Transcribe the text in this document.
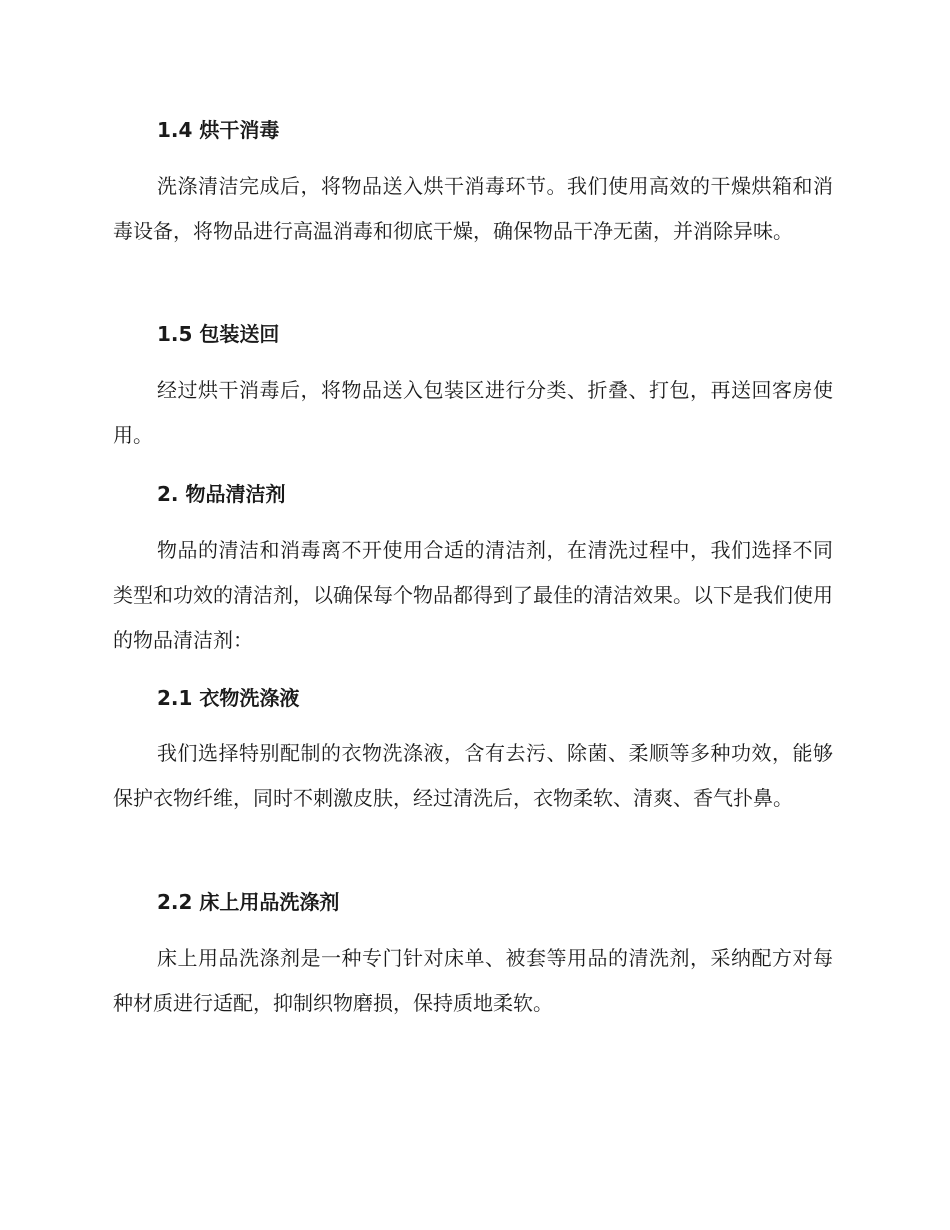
1.4 烘干消毒

洗涤清洁完成后，将物品送入烘干消毒环节。我们使用高效的干燥烘箱和消毒设备，将物品进行高温消毒和彻底干燥，确保物品干净无菌，并消除异味。

1.5 包装送回

经过烘干消毒后，将物品送入包装区进行分类、折叠、打包，再送回客房使用。

2. 物品清洁剂

物品的清洁和消毒离不开使用合适的清洁剂，在清洗过程中，我们选择不同类型和功效的清洁剂，以确保每个物品都得到了最佳的清洁效果。以下是我们使用的物品清洁剂：

2.1 衣物洗涤液

我们选择特别配制的衣物洗涤液，含有去污、除菌、柔顺等多种功效，能够保护衣物纤维，同时不刺激皮肤，经过清洗后，衣物柔软、清爽、香气扑鼻。

2.2 床上用品洗涤剂

床上用品洗涤剂是一种专门针对床单、被套等用品的清洗剂，采纳配方对每种材质进行适配，抑制织物磨损，保持质地柔软。
